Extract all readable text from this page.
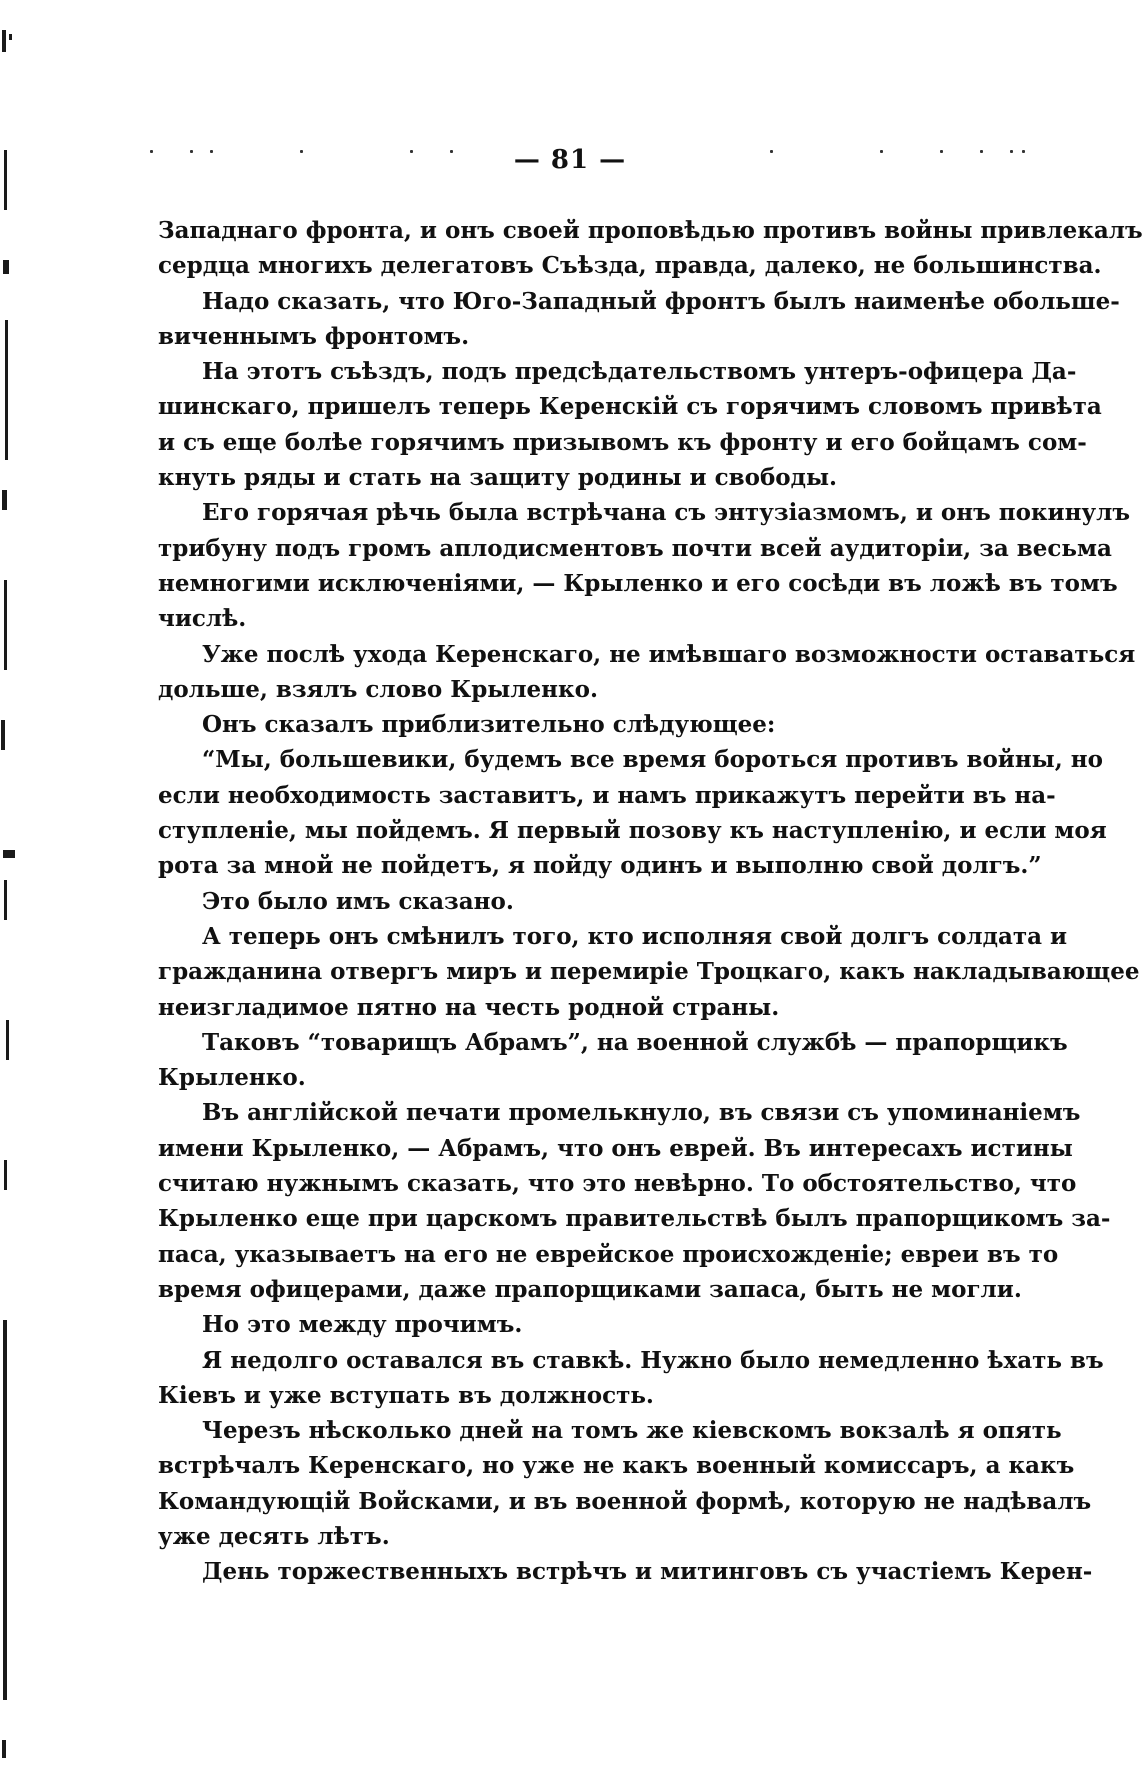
— 81 —
Западнаго фронта, и онъ своей проповѣдью противъ войны привлекалъ
сердца многихъ делегатовъ Съѣзда, правда, далеко, не большинства.
Надо сказать, что Юго-Западный фронтъ былъ наименѣе обольше-
виченнымъ фронтомъ.
На этотъ съѣздъ, подъ предсѣдательствомъ унтеръ-офицера Да-
шинскаго, пришелъ теперь Керенскій съ горячимъ словомъ привѣта
и съ еще болѣе горячимъ призывомъ къ фронту и его бойцамъ сом-
кнуть ряды и стать на защиту родины и свободы.
Его горячая рѣчь была встрѣчана съ энтузіазмомъ, и онъ покинулъ
трибуну подъ громъ аплодисментовъ почти всей аудиторіи, за весьма
немногими исключеніями, — Крыленко и его сосѣди въ ложѣ въ томъ
числѣ.
Уже послѣ ухода Керенскаго, не имѣвшаго возможности оставаться
дольше, взялъ слово Крыленко.
Онъ сказалъ приблизительно слѣдующее:
“Мы, большевики, будемъ все время бороться противъ войны, но
если необходимость заставитъ, и намъ прикажутъ перейти въ на-
ступленіе, мы пойдемъ. Я первый позову къ наступленію, и если моя
рота за мной не пойдетъ, я пойду одинъ и выполню свой долгъ.”
Это было имъ сказано.
А теперь онъ смѣнилъ того, кто исполняя свой долгъ солдата и
гражданина отвергъ миръ и перемиріе Троцкаго, какъ накладывающее
неизгладимое пятно на честь родной страны.
Таковъ “товарищъ Абрамъ”, на военной службѣ — прапорщикъ
Крыленко.
Въ англійской печати промелькнуло, въ связи съ упоминаніемъ
имени Крыленко, — Абрамъ, что онъ еврей. Въ интересахъ истины
считаю нужнымъ сказать, что это невѣрно. То обстоятельство, что
Крыленко еще при царскомъ правительствѣ былъ прапорщикомъ за-
паса, указываетъ на его не еврейское происхожденіе; евреи въ то
время офицерами, даже прапорщиками запаса, быть не могли.
Но это между прочимъ.
Я недолго оставался въ ставкѣ. Нужно было немедленно ѣхать въ
Кіевъ и уже вступать въ должность.
Черезъ нѣсколько дней на томъ же кіевскомъ вокзалѣ я опять
встрѣчалъ Керенскаго, но уже не какъ военный комиссаръ, а какъ
Командующій Войсками, и въ военной формѣ, которую не надѣвалъ
уже десять лѣтъ.
День торжественныхъ встрѣчъ и митинговъ съ участіемъ Керен-
